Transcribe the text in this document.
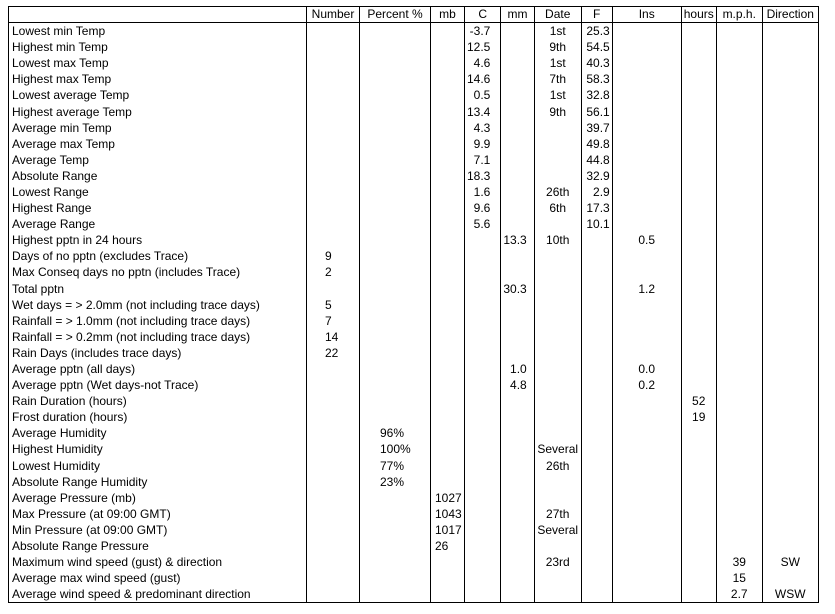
	Number	Percent %	mb	C	mm	Date	F	Ins	hours	m.p.h.	Direction
Lowest min Temp				-3.7		1st	25.3				
Highest min Temp				12.5		9th	54.5				
Lowest max Temp				4.6		1st	40.3				
Highest max Temp				14.6		7th	58.3				
Lowest average Temp				0.5		1st	32.8				
Highest average Temp				13.4		9th	56.1				
Average min Temp				4.3			39.7				
Average max Temp				9.9			49.8				
Average Temp				7.1			44.8				
Absolute Range				18.3			32.9				
Lowest Range				1.6		26th	2.9				
Highest Range				9.6		6th	17.3				
Average Range				5.6			10.1				
Highest pptn in 24 hours					13.3	10th		0.5			
Days of no pptn (excludes Trace)	9										
Max Conseq days no pptn (includes Trace)	2										
Total pptn					30.3			1.2			
Wet days = > 2.0mm (not including trace days)	5										
Rainfall = > 1.0mm (not including trace days)	7										
Rainfall = > 0.2mm (not including trace days)	14										
Rain Days (includes trace days)	22										
Average pptn (all days)					1.0			0.0			
Average pptn (Wet days-not Trace)					4.8			0.2			
Rain Duration (hours)									52		
Frost duration (hours)									19		
Average Humidity		96%									
Highest Humidity		100%				Several					
Lowest Humidity		77%				26th					
Absolute Range Humidity		23%									
Average Pressure (mb)			1027								
Max Pressure (at 09:00 GMT)			1043			27th					
Min Pressure (at 09:00 GMT)			1017			Several					
Absolute Range Pressure			26								
Maximum wind speed (gust) & direction						23rd				39	SW
Average max wind speed (gust)										15	
Average wind speed & predominant direction										2.7	WSW
